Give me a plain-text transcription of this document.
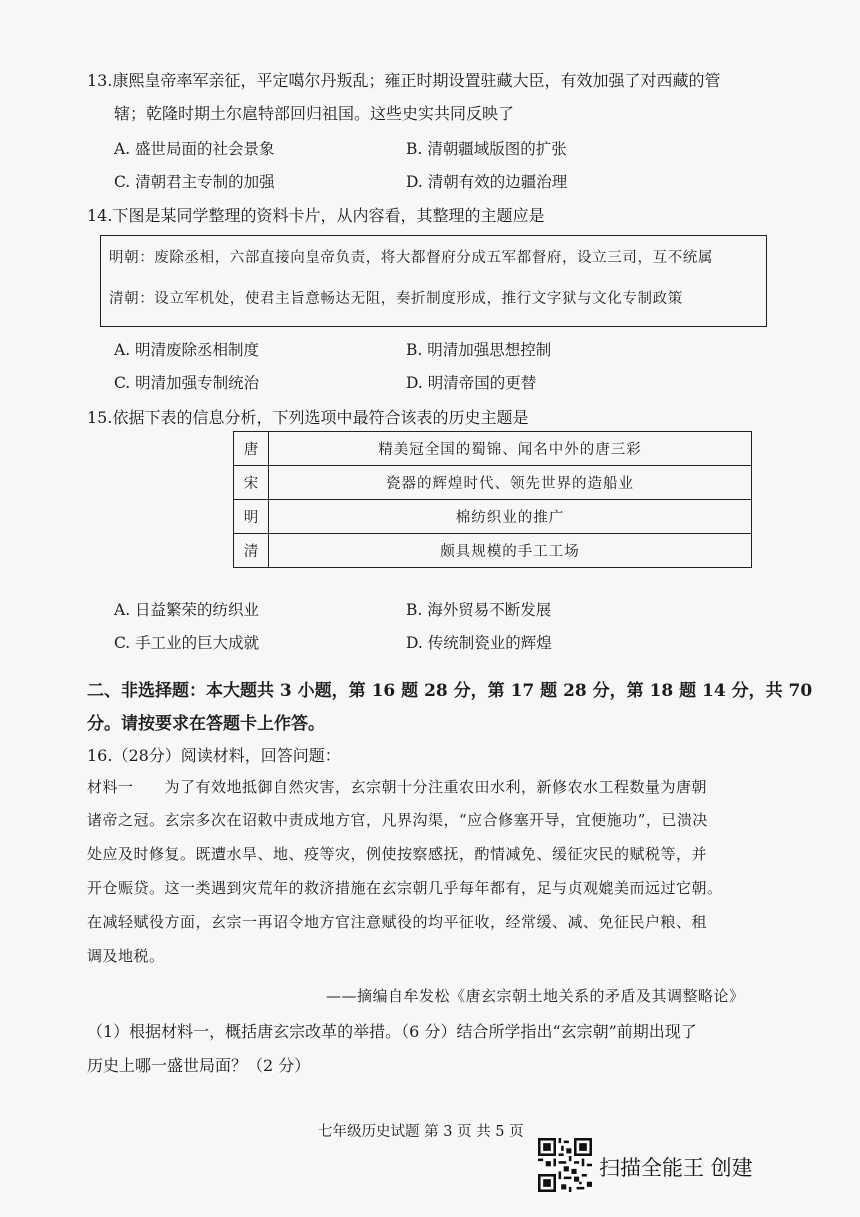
13.康熙皇帝率军亲征，平定噶尔丹叛乱；雍正时期设置驻藏大臣，有效加强了对西藏的管
辖；乾隆时期土尔扈特部回归祖国。这些史实共同反映了
A. 盛世局面的社会景象	B. 清朝疆域版图的扩张
C. 清朝君主专制的加强	D. 清朝有效的边疆治理
14.下图是某同学整理的资料卡片，从内容看，其整理的主题应是
明朝：废除丞相，六部直接向皇帝负责，将大都督府分成五军都督府，设立三司，互不统属
清朝：设立军机处，使君主旨意畅达无阻，奏折制度形成，推行文字狱与文化专制政策
A. 明清废除丞相制度	B. 明清加强思想控制
C. 明清加强专制统治	D. 明清帝国的更替
15.依据下表的信息分析，下列选项中最符合该表的历史主题是
唐	精美冠全国的蜀锦、闻名中外的唐三彩
宋	瓷器的辉煌时代、领先世界的造船业
明	棉纺织业的推广
清	颇具规模的手工工场
A. 日益繁荣的纺织业	B. 海外贸易不断发展
C. 手工业的巨大成就	D. 传统制瓷业的辉煌
二、非选择题：本大题共 3 小题，第 16 题 28 分，第 17 题 28 分，第 18 题 14 分，共 70
分。请按要求在答题卡上作答。
16.（28分）阅读材料，回答问题：
材料一　　为了有效地抵御自然灾害，玄宗朝十分注重农田水利，新修农水工程数量为唐朝
诸帝之冠。玄宗多次在诏敕中责成地方官，凡界沟渠，“应合修塞开导，宜便施功”，已溃决
处应及时修复。既遭水旱、地、疫等灾，例使按察感抚，酌情减免、缓征灾民的赋税等，并
开仓赈贷。这一类遇到灾荒年的救济措施在玄宗朝几乎每年都有，足与贞观媲美而远过它朝。
在减轻赋役方面，玄宗一再诏令地方官注意赋役的均平征收，经常缓、减、免征民户粮、租
调及地税。
——摘编自牟发松《唐玄宗朝土地关系的矛盾及其调整略论》
（1）根据材料一，概括唐玄宗改革的举措。（6 分）结合所学指出“玄宗朝”前期出现了
历史上哪一盛世局面？（2 分）
七年级历史试题 第 3 页 共 5 页
扫描全能王 创建
